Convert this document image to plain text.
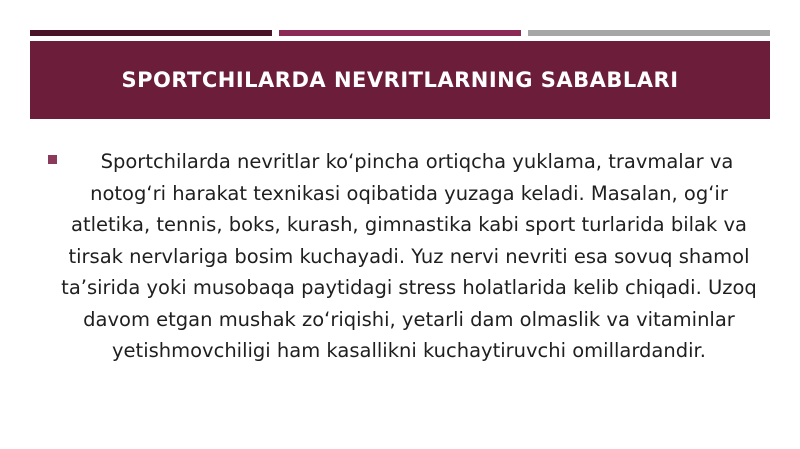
SPORTCHILARDA NEVRITLARNING SABABLARI

Sportchilarda nevritlar ko‘pincha ortiqcha yuklama, travmalar va notog‘ri harakat texnikasi oqibatida yuzaga keladi. Masalan, og‘ir atletika, tennis, boks, kurash, gimnastika kabi sport turlarida bilak va tirsak nervlariga bosim kuchayadi. Yuz nervi nevriti esa sovuq shamol ta’sirida yoki musobaqa paytidagi stress holatlarida kelib chiqadi. Uzoq davom etgan mushak zo‘riqishi, yetarli dam olmaslik va vitaminlar yetishmovchiligi ham kasallikni kuchaytiruvchi omillardandir.
